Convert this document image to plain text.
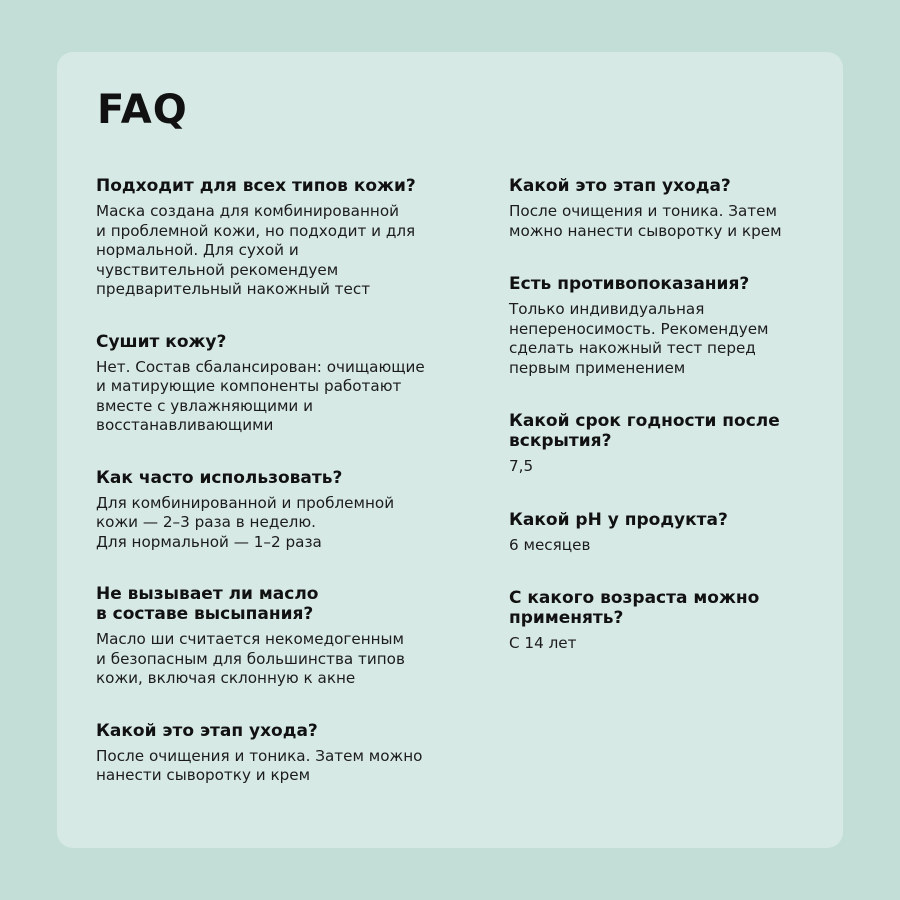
FAQ

Подходит для всех типов кожи?

Маска создана для комбинированной
и проблемной кожи, но подходит и для
нормальной. Для сухой и
чувствительной рекомендуем
предварительный накожный тест

Сушит кожу?

Нет. Состав сбалансирован: очищающие
и матирующие компоненты работают
вместе с увлажняющими и
восстанавливающими

Как часто использовать?

Для комбинированной и проблемной
кожи — 2–3 раза в неделю.
Для нормальной — 1–2 раза

Не вызывает ли масло
в составе высыпания?

Масло ши считается некомедогенным
и безопасным для большинства типов
кожи, включая склонную к акне

Какой это этап ухода?

После очищения и тоника. Затем можно
нанести сыворотку и крем

Какой это этап ухода?

После очищения и тоника. Затем
можно нанести сыворотку и крем

Есть противопоказания?

Только индивидуальная
непереносимость. Рекомендуем
сделать накожный тест перед
первым применением

Какой срок годности после
вскрытия?

7,5

Какой pH у продукта?

6 месяцев

С какого возраста можно
применять?

С 14 лет
